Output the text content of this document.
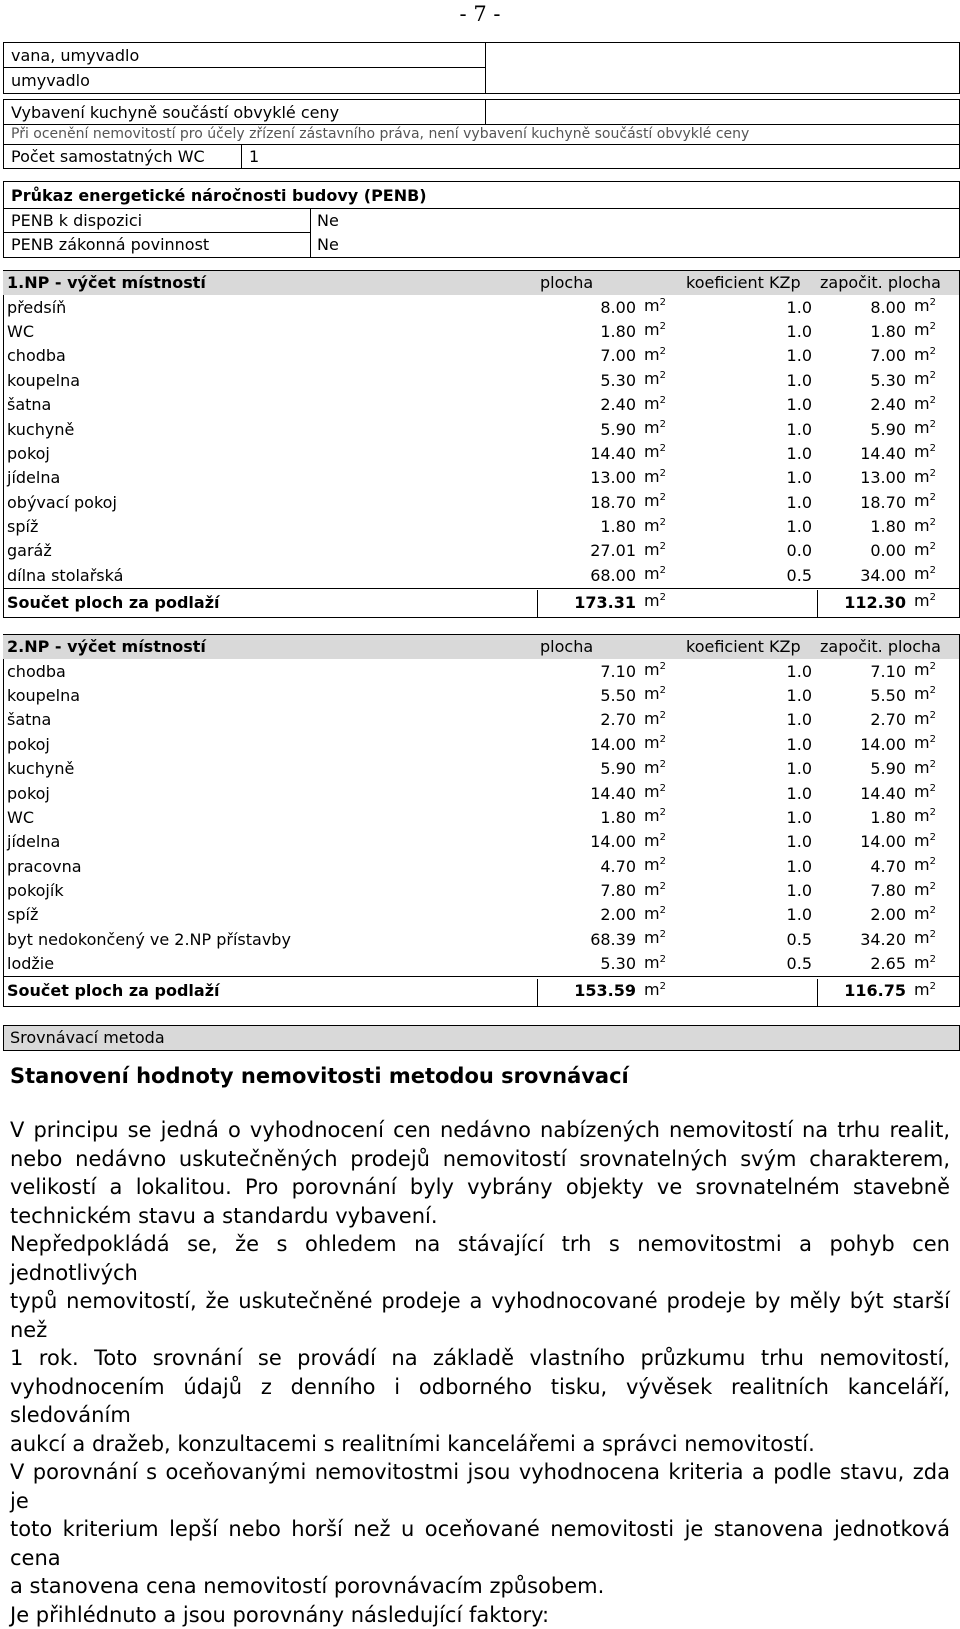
- 7 -
vana, umyvadlo
umyvadlo
Vybavení kuchyně součástí obvyklé ceny
Při ocenění nemovitostí pro účely zřízení zástavního práva, není vybavení kuchyně součástí obvyklé ceny
Počet samostatných WC	1
Průkaz energetické náročnosti budovy (PENB)
PENB k dispozici	Ne
PENB zákonná povinnost	Ne
1.NP - výčet místností	plocha		koeficient KZp	započit. plocha	
předsíň	8.00	$m^2$	1.0	8.00	$m^2$
WC	1.80	$m^2$	1.0	1.80	$m^2$
chodba	7.00	$m^2$	1.0	7.00	$m^2$
koupelna	5.30	$m^2$	1.0	5.30	$m^2$
šatna	2.40	$m^2$	1.0	2.40	$m^2$
kuchyně	5.90	$m^2$	1.0	5.90	$m^2$
pokoj	14.40	$m^2$	1.0	14.40	$m^2$
jídelna	13.00	$m^2$	1.0	13.00	$m^2$
obývací pokoj	18.70	$m^2$	1.0	18.70	$m^2$
spíž	1.80	$m^2$	1.0	1.80	$m^2$
garáž	27.01	$m^2$	0.0	0.00	$m^2$
dílna stolařská	68.00	$m^2$	0.5	34.00	$m^2$
Součet ploch za podlaží	173.31	$m^2$		112.30	$m^2$
2.NP - výčet místností	plocha		koeficient KZp	započit. plocha	
chodba	7.10	$m^2$	1.0	7.10	$m^2$
koupelna	5.50	$m^2$	1.0	5.50	$m^2$
šatna	2.70	$m^2$	1.0	2.70	$m^2$
pokoj	14.00	$m^2$	1.0	14.00	$m^2$
kuchyně	5.90	$m^2$	1.0	5.90	$m^2$
pokoj	14.40	$m^2$	1.0	14.40	$m^2$
WC	1.80	$m^2$	1.0	1.80	$m^2$
jídelna	14.00	$m^2$	1.0	14.00	$m^2$
pracovna	4.70	$m^2$	1.0	4.70	$m^2$
pokojík	7.80	$m^2$	1.0	7.80	$m^2$
spíž	2.00	$m^2$	1.0	2.00	$m^2$
byt nedokončený ve 2.NP přístavby	68.39	$m^2$	0.5	34.20	$m^2$
lodžie	5.30	$m^2$	0.5	2.65	$m^2$
Součet ploch za podlaží	153.59	$m^2$		116.75	$m^2$
Srovnávací metoda
Stanovení hodnoty nemovitosti metodou srovnávací
V principu se jedná o vyhodnocení cen nedávno nabízených nemovitostí na trhu realit,
nebo nedávno uskutečněných prodejů nemovitostí srovnatelných svým charakterem,
velikostí a lokalitou. Pro porovnání byly vybrány objekty ve srovnatelném stavebně
technickém stavu a standardu vybavení.
Nepředpokládá se, že s ohledem na stávající trh s nemovitostmi a pohyb cen jednotlivých
typů nemovitostí, že uskutečněné prodeje a vyhodnocované prodeje by měly být starší než
1 rok. Toto srovnání se provádí na základě vlastního průzkumu trhu nemovitostí,
vyhodnocením údajů z denního i odborného tisku, vývěsek realitních kanceláří, sledováním
aukcí a dražeb, konzultacemi s realitními kancelářemi a správci nemovitostí.
V porovnání s oceňovanými nemovitostmi jsou vyhodnocena kriteria a podle stavu, zda je
toto kriterium lepší nebo horší než u oceňované nemovitosti je stanovena jednotková cena
a stanovena cena nemovitostí porovnávacím způsobem.
Je přihlédnuto a jsou porovnány následující faktory:
